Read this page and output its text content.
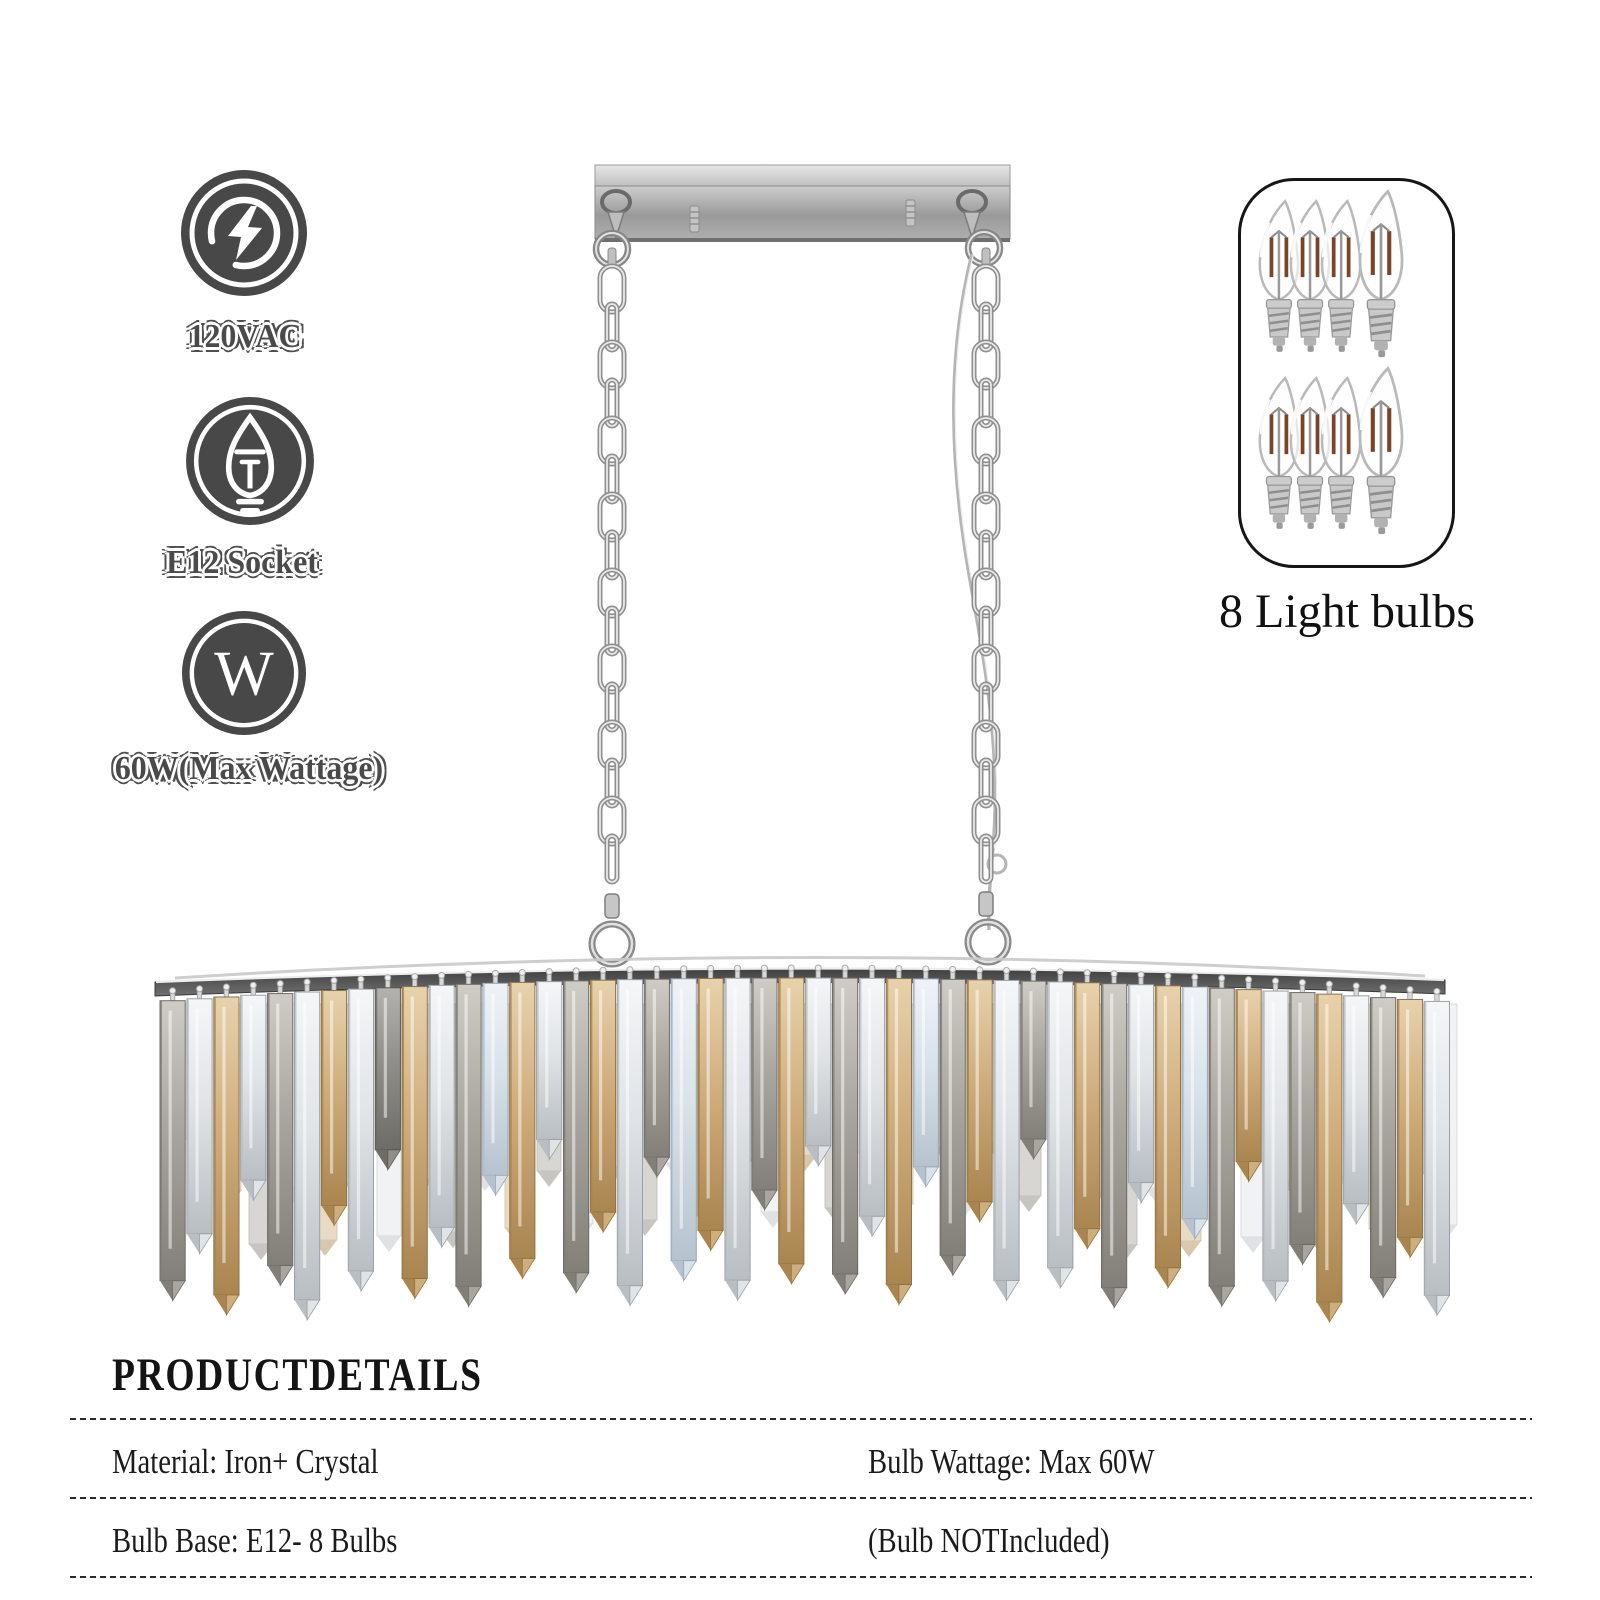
120VAC
E12 Socket
W
60W(Max Wattage)
8 Light bulbs
PRODUCTDETAILS
Material: Iron+ Crystal	Bulb Wattage: Max 60W
Bulb Base: E12- 8 Bulbs	(Bulb NOTIncluded)
